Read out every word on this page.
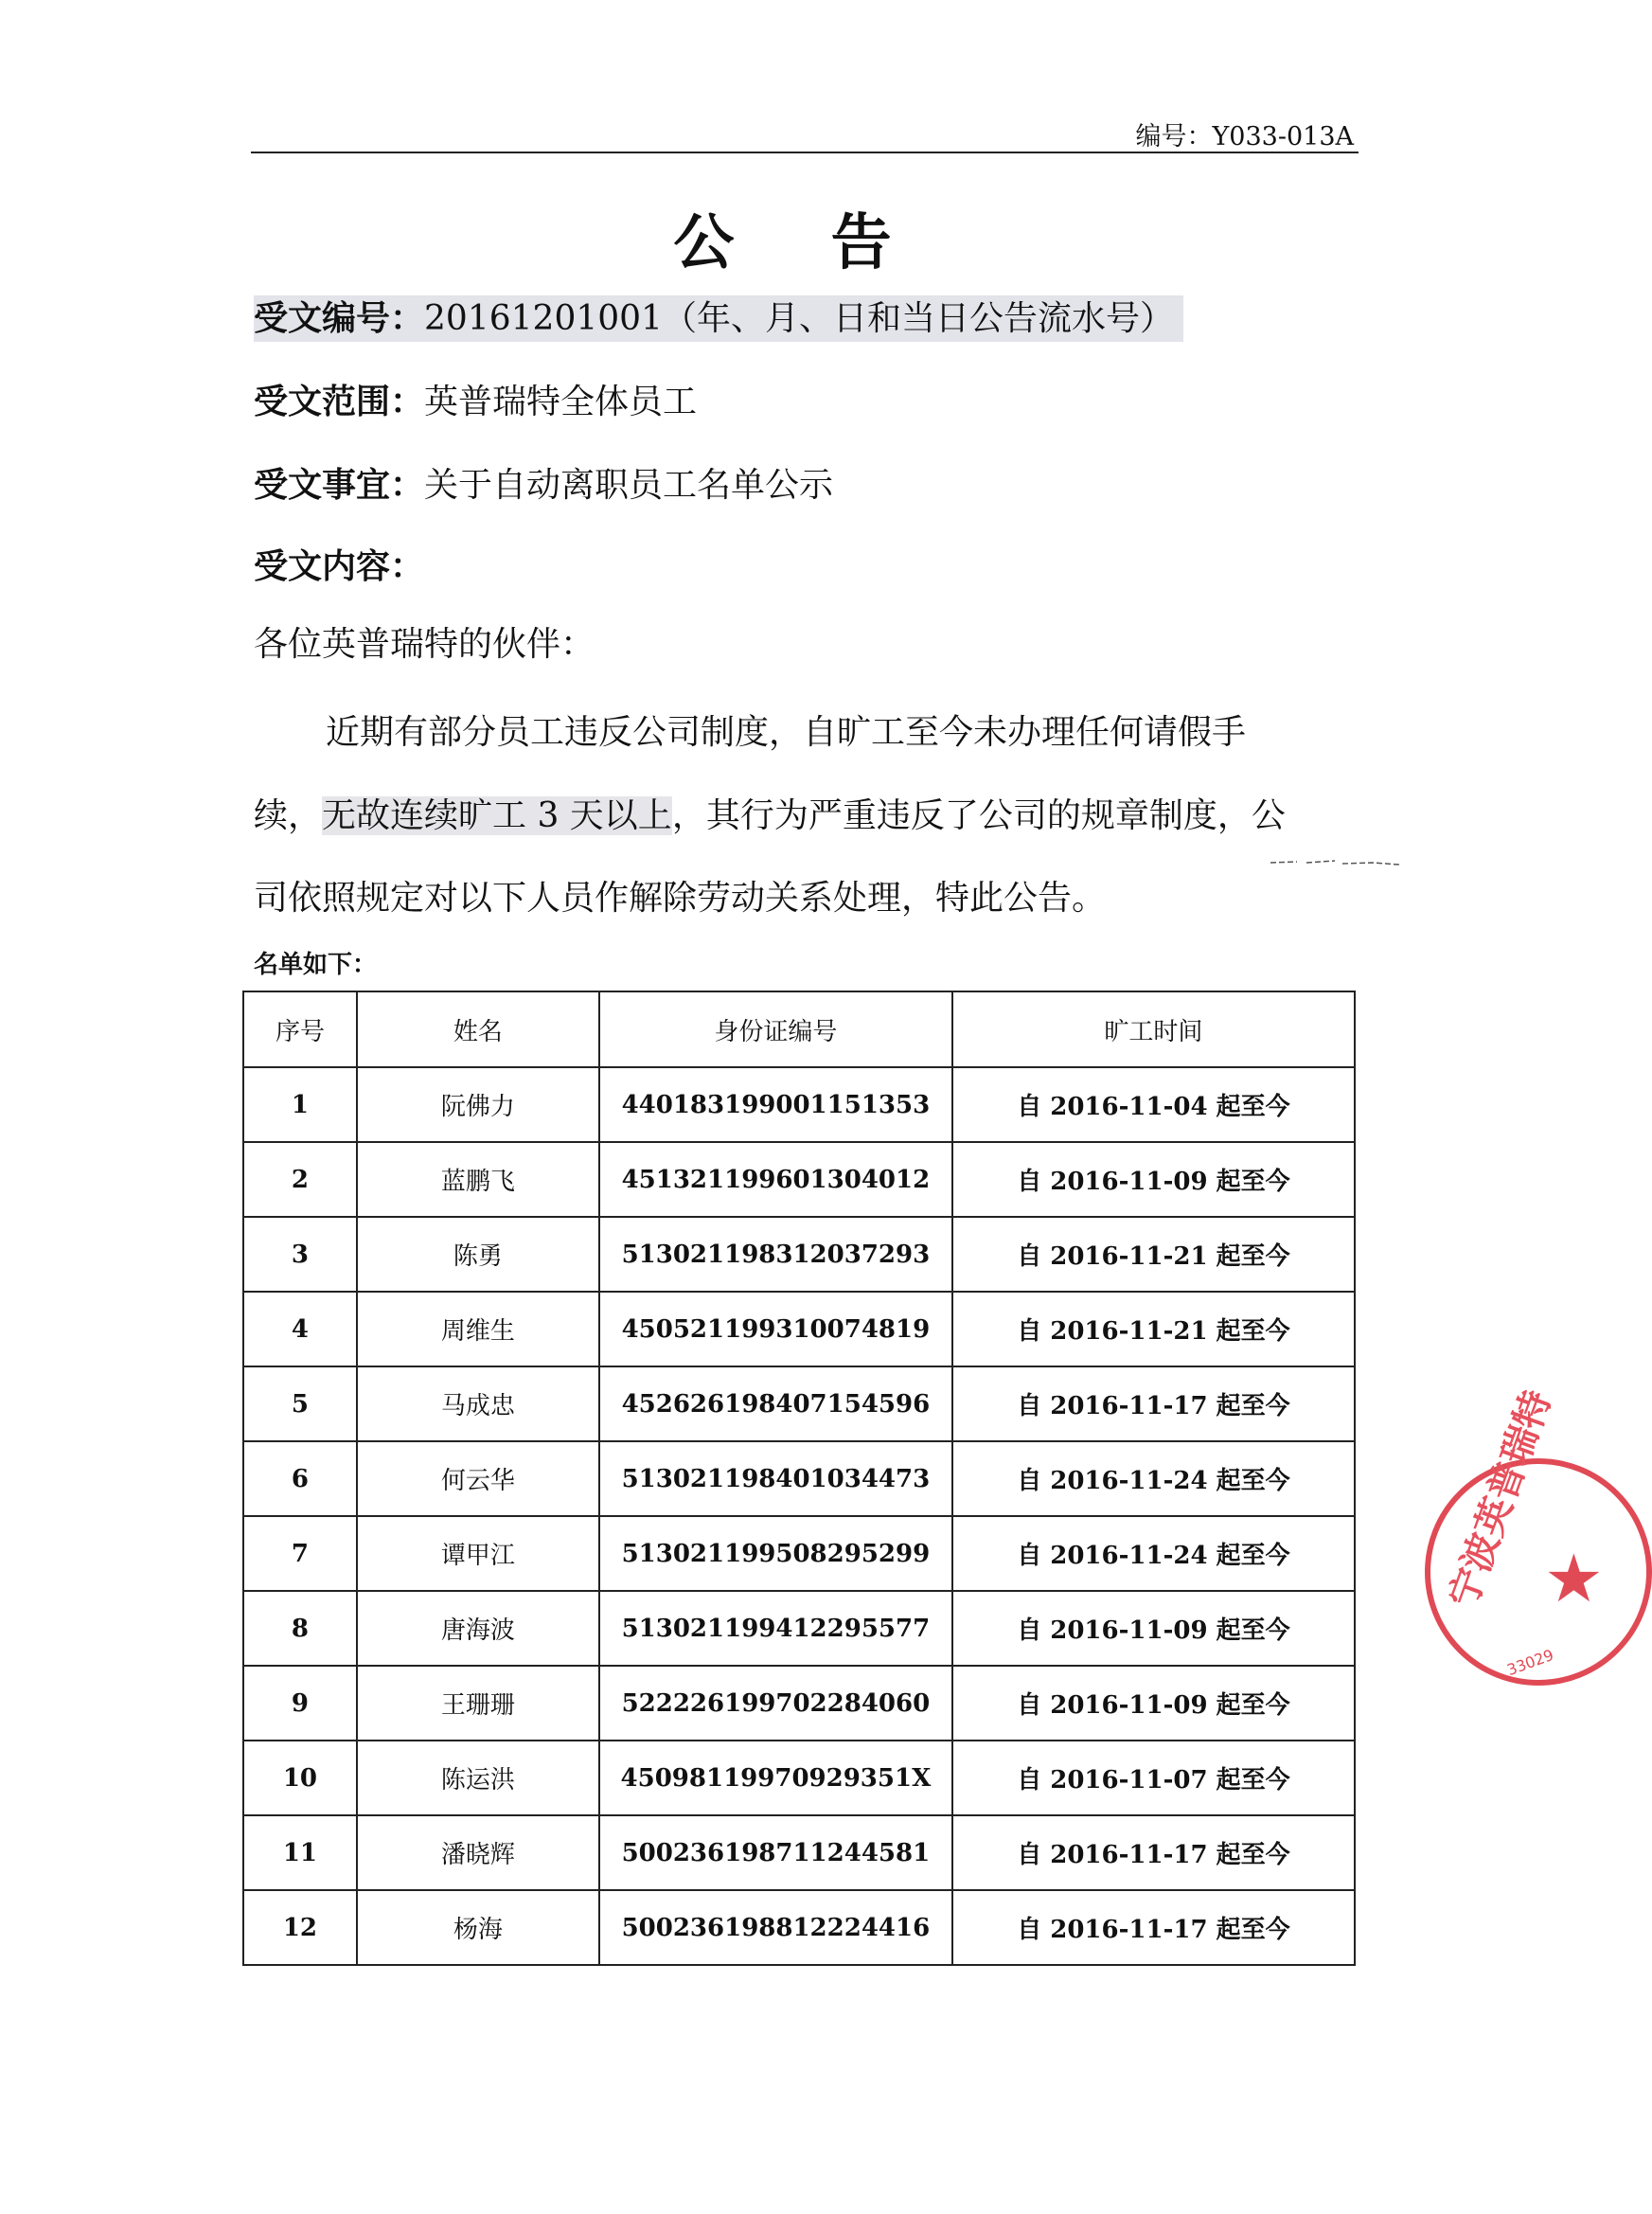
编号：Y033-013A
公 告
受文编号：20161201001（年、月、日和当日公告流水号）
受文范围：英普瑞特全体员工
受文事宜：关于自动离职员工名单公示
受文内容：
各位英普瑞特的伙伴：
近期有部分员工违反公司制度，自旷工至今未办理任何请假手
续，无故连续旷工 3 天以上，其行为严重违反了公司的规章制度，公
司依照规定对以下人员作解除劳动关系处理，特此公告。
名单如下：
序号	姓名	身份证编号	旷工时间
1	阮佛力	440183199001151353	自 2016-11-04 起至今
2	蓝鹏飞	451321199601304012	自 2016-11-09 起至今
3	陈勇	513021198312037293	自 2016-11-21 起至今
4	周维生	450521199310074819	自 2016-11-21 起至今
5	马成忠	452626198407154596	自 2016-11-17 起至今
6	何云华	513021198401034473	自 2016-11-24 起至今
7	谭甲江	513021199508295299	自 2016-11-24 起至今
8	唐海波	513021199412295577	自 2016-11-09 起至今
9	王珊珊	522226199702284060	自 2016-11-09 起至今
10	陈运洪	45098119970929351X	自 2016-11-07 起至今
11	潘晓辉	500236198711244581	自 2016-11-17 起至今
12	杨海	500236198812224416	自 2016-11-17 起至今
宁波英普瑞特
★
33029
